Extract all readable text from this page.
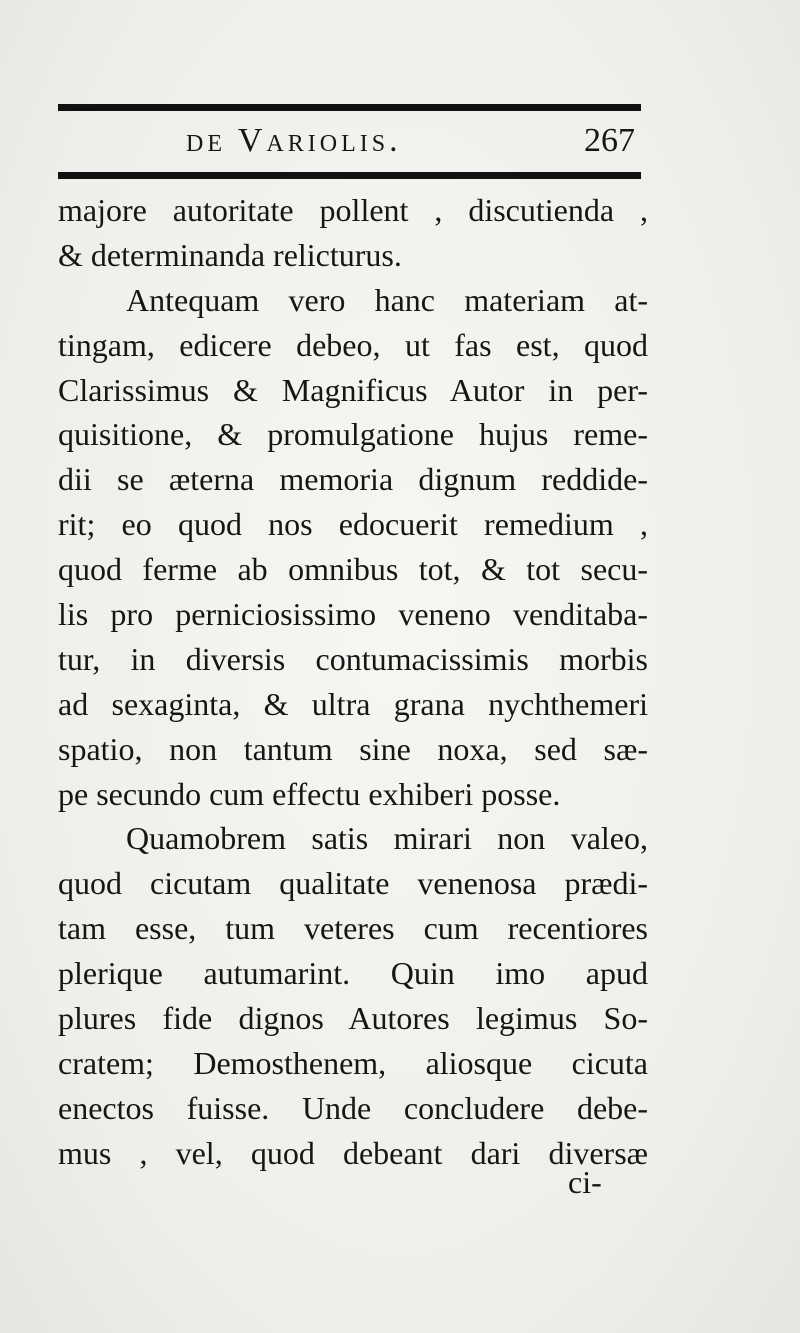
de Variolis.	267
majore autoritate pollent , discutienda ,
& determinanda relicturus.
Antequam vero hanc materiam at-
tingam, edicere debeo, ut fas est, quod
Clarissimus & Magnificus Autor in per-
quisitione, & promulgatione hujus reme-
dii se æterna memoria dignum reddide-
rit; eo quod nos edocuerit remedium ,
quod ferme ab omnibus tot, & tot secu-
lis pro perniciosissimo veneno venditaba-
tur, in diversis contumacissimis morbis
ad sexaginta, & ultra grana nychthemeri
spatio, non tantum sine noxa, sed sæ-
pe secundo cum effectu exhiberi posse.
Quamobrem satis mirari non valeo,
quod cicutam qualitate venenosa prædi-
tam esse, tum veteres cum recentiores
plerique autumarint. Quin imo apud
plures fide dignos Autores legimus So-
cratem; Demosthenem, aliosque cicuta
enectos fuisse. Unde concludere debe-
mus , vel, quod debeant dari diversæ
ci-
